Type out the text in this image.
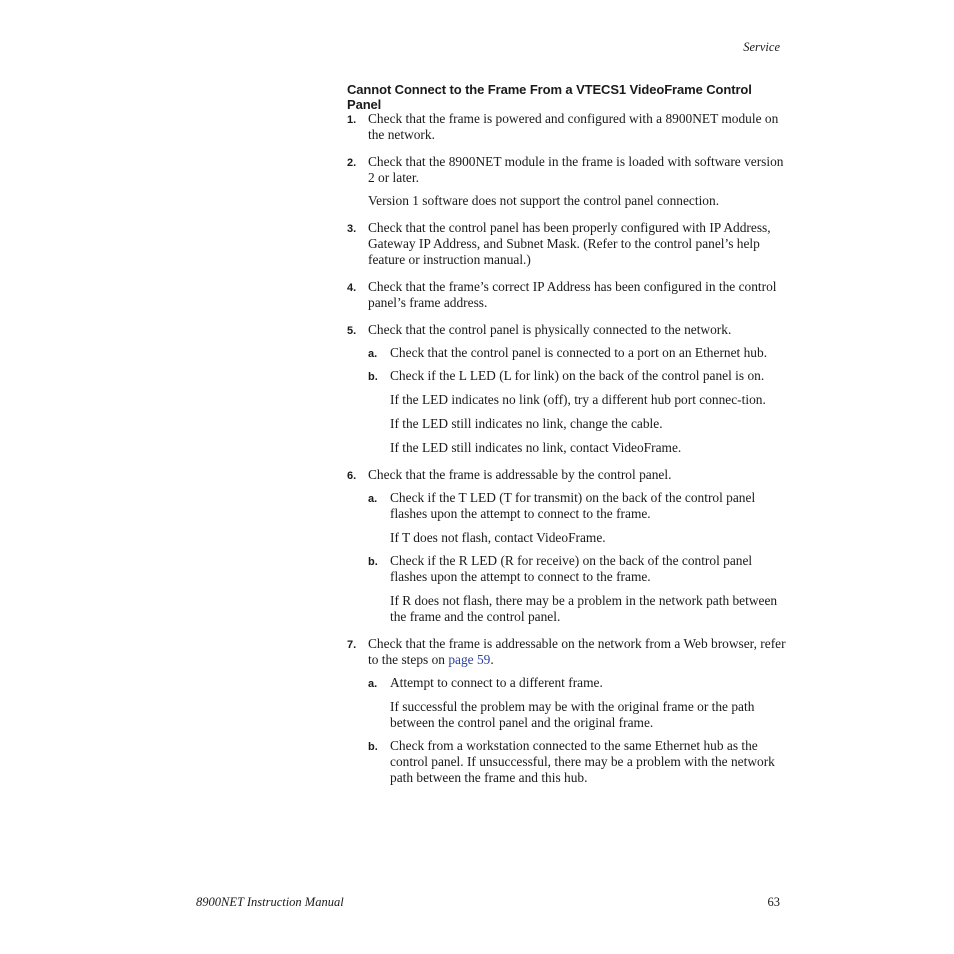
Service
Cannot Connect to the Frame From a VTECS1 VideoFrame Control Panel
1. Check that the frame is powered and configured with a 8900NET module on the network.
2. Check that the 8900NET module in the frame is loaded with software version 2 or later.
Version 1 software does not support the control panel connection.
3. Check that the control panel has been properly configured with IP Address, Gateway IP Address, and Subnet Mask. (Refer to the control panel’s help feature or instruction manual.)
4. Check that the frame’s correct IP Address has been configured in the control panel’s frame address.
5. Check that the control panel is physically connected to the network.
a. Check that the control panel is connected to a port on an Ethernet hub.
b. Check if the L LED (L for link) on the back of the control panel is on.
If the LED indicates no link (off), try a different hub port connec-tion.
If the LED still indicates no link, change the cable.
If the LED still indicates no link, contact VideoFrame.
6. Check that the frame is addressable by the control panel.
a. Check if the T LED (T for transmit) on the back of the control panel flashes upon the attempt to connect to the frame.
If T does not flash, contact VideoFrame.
b. Check if the R LED (R for receive) on the back of the control panel flashes upon the attempt to connect to the frame.
If R does not flash, there may be a problem in the network path between the frame and the control panel.
7. Check that the frame is addressable on the network from a Web browser, refer to the steps on page 59.
a. Attempt to connect to a different frame.
If successful the problem may be with the original frame or the path between the control panel and the original frame.
b. Check from a workstation connected to the same Ethernet hub as the control panel. If unsuccessful, there may be a problem with the network path between the frame and this hub.
8900NET Instruction Manual	63
